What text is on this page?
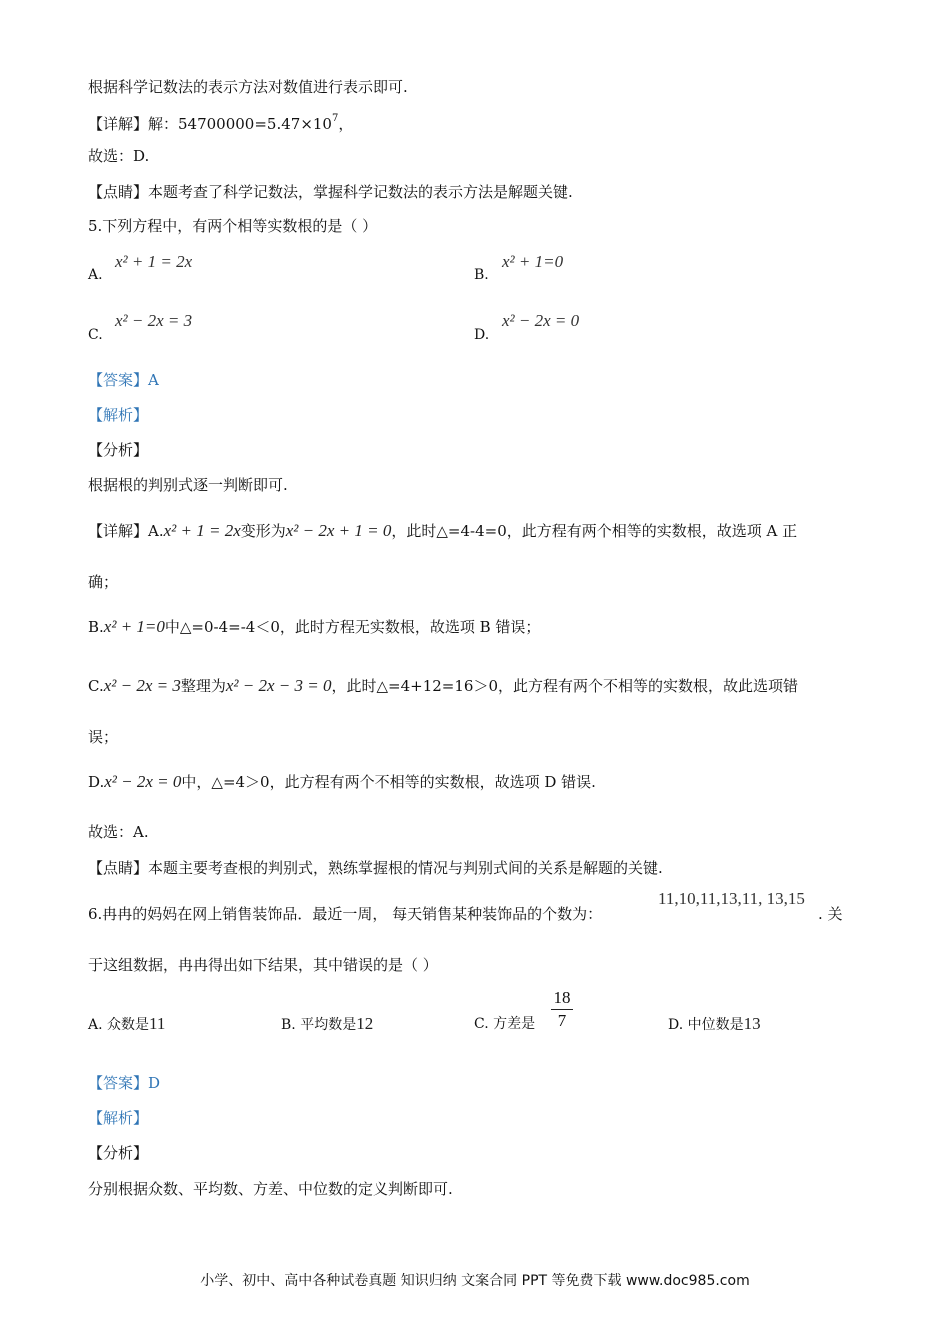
根据科学记数法的表示方法对数值进行表示即可.
【详解】解：$54700000=5.47\times 10^7$，
故选：D.
【点睛】本题考查了科学记数法，掌握科学记数法的表示方法是解题关键.
5.下列方程中，有两个相等实数根的是（ ）
A.
x² + 1 = 2x
B.
x² + 1=0
C.
x² − 2x = 3
D.
x² − 2x = 0
【答案】A
【解析】
【分析】
根据根的判别式逐一判断即可.
【详解】A.x² + 1 = 2x变形为x² − 2x + 1 = 0，此时△=4-4=0，此方程有两个相等的实数根，故选项 A 正
确；
B.x² + 1=0中△=0-4=-4＜0，此时方程无实数根，故选项 B 错误；
C.x² − 2x = 3整理为x² − 2x − 3 = 0，此时△=4+12=16＞0，此方程有两个不相等的实数根，故此选项错
误；
D.x² − 2x = 0中，△=4＞0，此方程有两个不相等的实数根，故选项 D 错误.
故选：A.
【点睛】本题主要考查根的判别式，熟练掌握根的情况与判别式间的关系是解题的关键.
6.冉冉的妈妈在网上销售装饰品．最近一周， 每天销售某种装饰品的个数为：
11,10,11,13,11, 13,15
. 关
于这组数据，冉冉得出如下结果，其中错误的是（ ）
A. 众数是11	B. 平均数是12	C. 方差是 $\frac{18}{7}$	D. 中位数是13
【答案】D
【解析】
【分析】
分别根据众数、平均数、方差、中位数的定义判断即可.
小学、初中、高中各种试卷真题 知识归纳 文案合同 PPT 等免费下载 www.doc985.com
